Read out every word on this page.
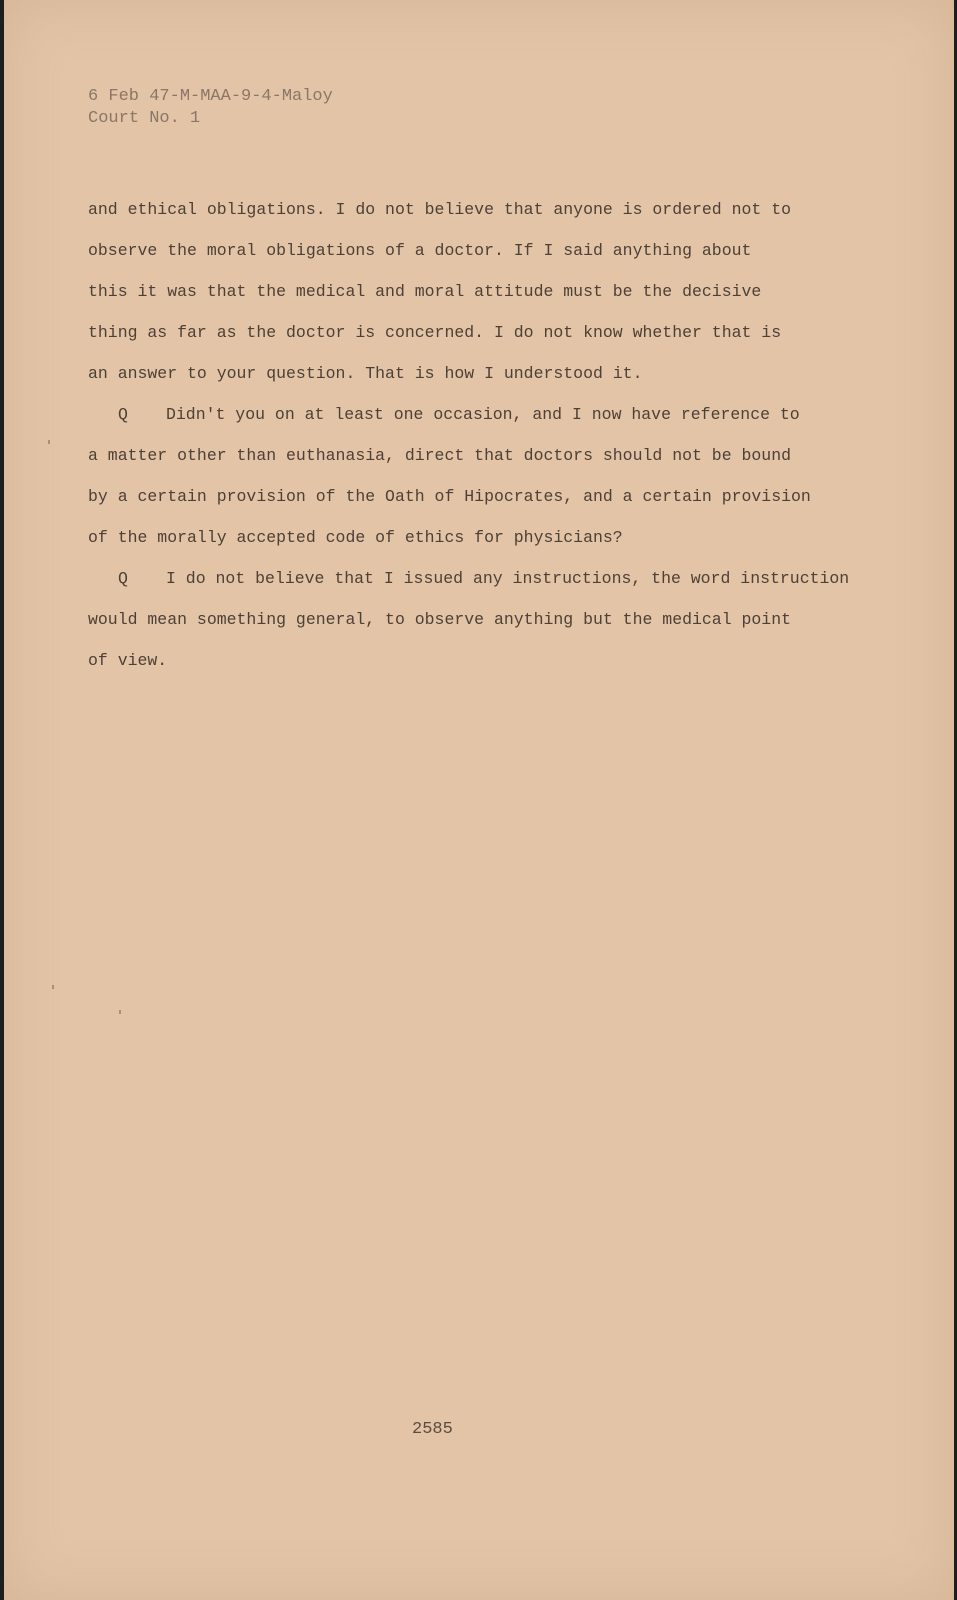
6 Feb 47-M-MAA-9-4-Maloy
Court No. 1
and ethical obligations. I do not believe that anyone is ordered not to
observe the moral obligations of a doctor. If I said anything about
this it was that the medical and moral attitude must be the decisive
thing as far as the doctor is concerned. I do not know whether that is
an answer to your question. That is how I understood it.
Q Didn't you on at least one occasion, and I now have reference to
a matter other than euthanasia, direct that doctors should not be bound
by a certain provision of the Oath of Hipocrates, and a certain provision
of the morally accepted code of ethics for physicians?
Q I do not believe that I issued any instructions, the word instruction
would mean something general, to observe anything but the medical point
of view.
2585
